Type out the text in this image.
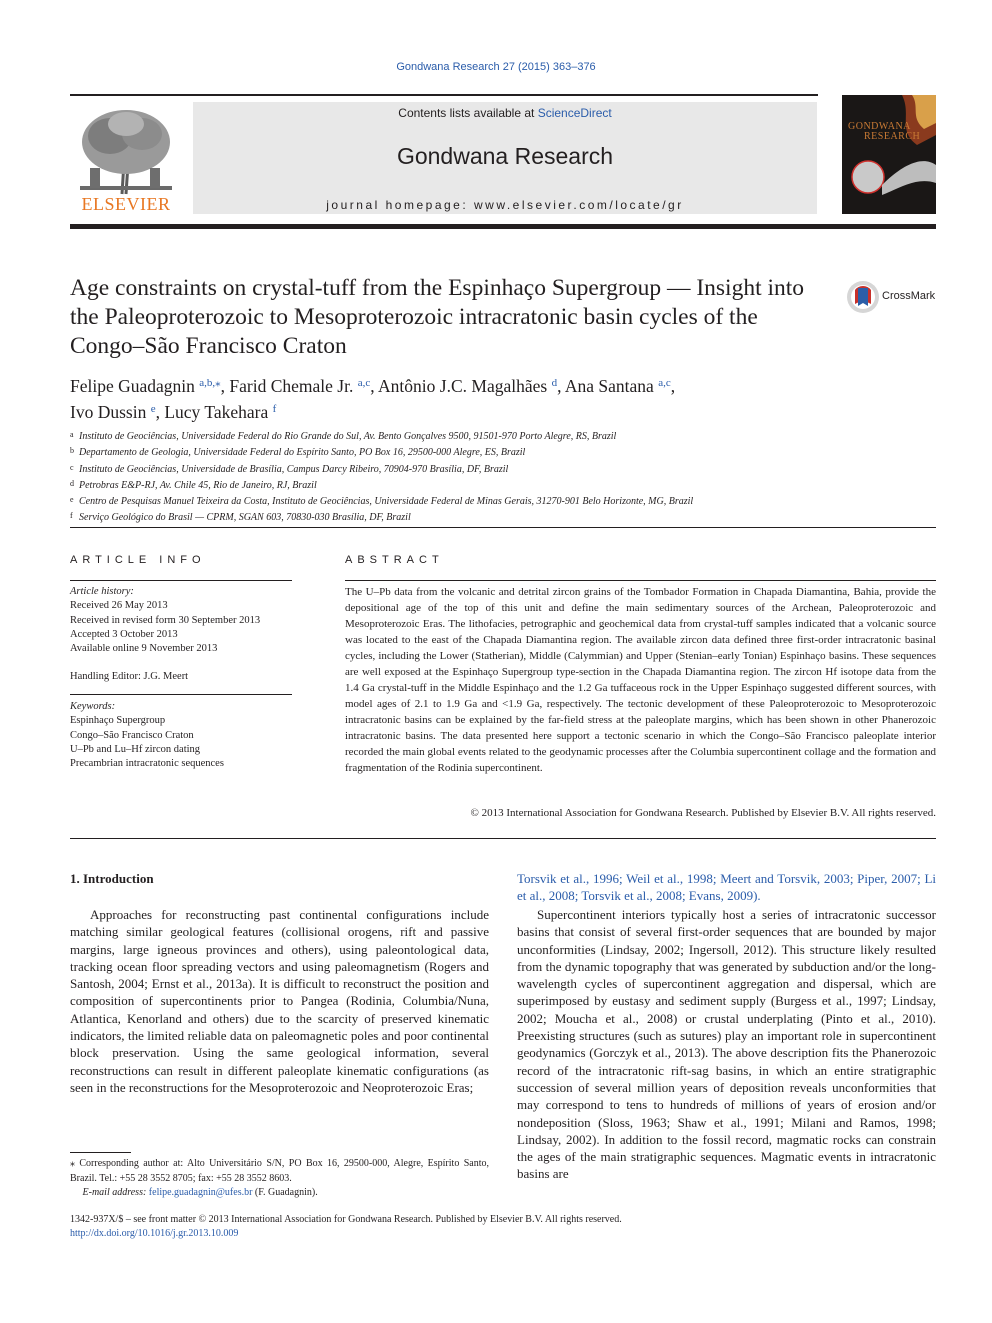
Gondwana Research 27 (2015) 363–376
ELSEVIER
Contents lists available at ScienceDirect
Gondwana Research
journal homepage: www.elsevier.com/locate/gr
GONDWANA
RESEARCH
Age constraints on crystal-tuff from the Espinhaço Supergroup — Insight into the Paleoproterozoic to Mesoproterozoic intracratonic basin cycles of the Congo–São Francisco Craton
CrossMark
Felipe Guadagnin $^{a,b,⁎}$, Farid Chemale Jr. $^{a,c}$, Antônio J.C. Magalhães $^d$, Ana Santana $^{a,c}$,
Ivo Dussin $^e$, Lucy Takehara $^f$
a Instituto de Geociências, Universidade Federal do Rio Grande do Sul, Av. Bento Gonçalves 9500, 91501-970 Porto Alegre, RS, Brazil
b Departamento de Geologia, Universidade Federal do Espírito Santo, PO Box 16, 29500-000 Alegre, ES, Brazil
c Instituto de Geociências, Universidade de Brasília, Campus Darcy Ribeiro, 70904-970 Brasília, DF, Brazil
d Petrobras E&P-RJ, Av. Chile 45, Rio de Janeiro, RJ, Brazil
e Centro de Pesquisas Manuel Teixeira da Costa, Instituto de Geociências, Universidade Federal de Minas Gerais, 31270-901 Belo Horizonte, MG, Brazil
f Serviço Geológico do Brasil — CPRM, SGAN 603, 70830-030 Brasília, DF, Brazil
ARTICLE INFO
Article history:
Received 26 May 2013
Received in revised form 30 September 2013
Accepted 3 October 2013
Available online 9 November 2013
Handling Editor: J.G. Meert
Keywords:
Espinhaço Supergroup
Congo–São Francisco Craton
U–Pb and Lu–Hf zircon dating
Precambrian intracratonic sequences
ABSTRACT
The U–Pb data from the volcanic and detrital zircon grains of the Tombador Formation in Chapada Diamantina, Bahia, provide the depositional age of the top of this unit and define the main sedimentary sources of the Archean, Paleoproterozoic and Mesoproterozoic Eras. The lithofacies, petrographic and geochemical data from crystal-tuff samples indicated that a volcanic source was located to the east of the Chapada Diamantina region. The available zircon data defined three first-order intracratonic basinal cycles, including the Lower (Statherian), Middle (Calymmian) and Upper (Stenian–early Tonian) Espinhaço basins. These sequences are well exposed at the Espinhaço Supergroup type-section in the Chapada Diamantina region. The zircon Hf isotope data from the 1.4 Ga crystal-tuff in the Middle Espinhaço and the 1.2 Ga tuffaceous rock in the Upper Espinhaço suggested different sources, with model ages of 2.1 to 1.9 Ga and <1.9 Ga, respectively. The tectonic development of these Paleoproterozoic to Mesoproterozoic intracratonic basins can be explained by the far-field stress at the paleoplate margins, which has been shown in other Phanerozoic intracratonic basins. The data presented here support a tectonic scenario in which the Congo–São Francisco paleoplate interior recorded the main global events related to the geodynamic processes after the Columbia supercontinent collage and the formation and fragmentation of the Rodinia supercontinent.
© 2013 International Association for Gondwana Research. Published by Elsevier B.V. All rights reserved.
1. Introduction
Approaches for reconstructing past continental configurations include matching similar geological features (collisional orogens, rift and passive margins, large igneous provinces and others), using paleontological data, tracking ocean floor spreading vectors and using paleomagnetism (Rogers and Santosh, 2004; Ernst et al., 2013a). It is difficult to reconstruct the position and composition of supercontinents prior to Pangea (Rodinia, Columbia/Nuna, Atlantica, Kenorland and others) due to the scarcity of preserved kinematic indicators, the limited reliable data on paleomagnetic poles and poor continental block preservation. Using the same geological information, several reconstructions can result in different paleoplate kinematic configurations (as seen in the reconstructions for the Mesoproterozoic and Neoproterozoic Eras;
Torsvik et al., 1996; Weil et al., 1998; Meert and Torsvik, 2003; Piper, 2007; Li et al., 2008; Torsvik et al., 2008; Evans, 2009).
Supercontinent interiors typically host a series of intracratonic successor basins that consist of several first-order sequences that are bounded by major unconformities (Lindsay, 2002; Ingersoll, 2012). This structure likely resulted from the dynamic topography that was generated by subduction and/or the long-wavelength cycles of supercontinent aggregation and dispersal, which are superimposed by eustasy and sediment supply (Burgess et al., 1997; Lindsay, 2002; Moucha et al., 2008) or crustal underplating (Pinto et al., 2010). Preexisting structures (such as sutures) play an important role in supercontinent geodynamics (Gorczyk et al., 2013). The above description fits the Phanerozoic record of the intracratonic rift-sag basins, in which an entire stratigraphic succession of several million years of deposition reveals unconformities that may correspond to tens to hundreds of millions of years of erosion and/or nondeposition (Sloss, 1963; Shaw et al., 1991; Milani and Ramos, 1998; Lindsay, 2002). In addition to the fossil record, magmatic rocks can constrain the ages of the main stratigraphic sequences. Magmatic events in intracratonic basins are
⁎ Corresponding author at: Alto Universitário S/N, PO Box 16, 29500-000, Alegre, Espírito Santo, Brazil. Tel.: +55 28 3552 8705; fax: +55 28 3552 8603.
E-mail address: felipe.guadagnin@ufes.br (F. Guadagnin).
1342-937X/$ – see front matter © 2013 International Association for Gondwana Research. Published by Elsevier B.V. All rights reserved.
http://dx.doi.org/10.1016/j.gr.2013.10.009
